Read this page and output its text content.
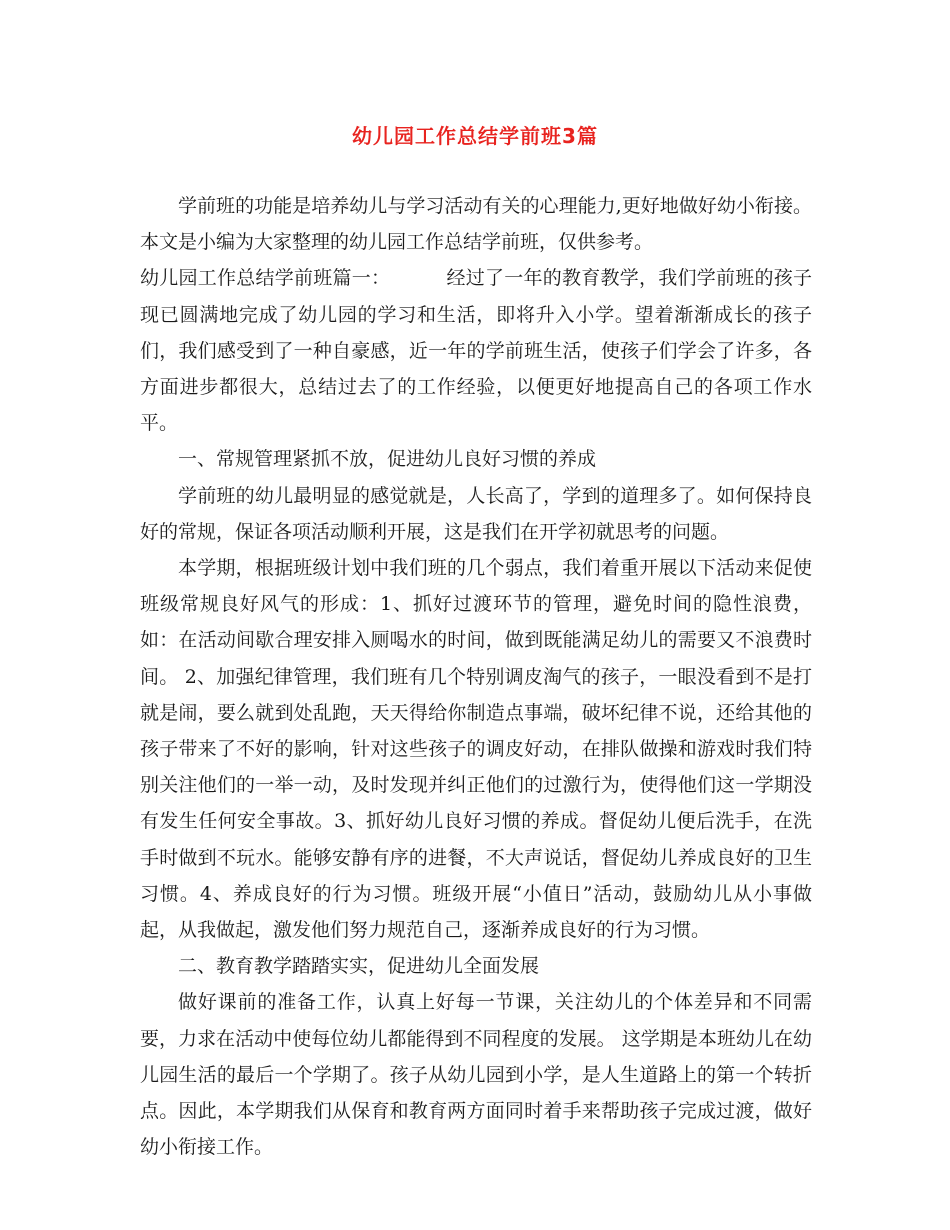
幼儿园工作总结学前班3篇

学前班的功能是培养幼儿与学习活动有关的心理能力,更好地做好幼小衔接。本文是小编为大家整理的幼儿园工作总结学前班，仅供参考。

幼儿园工作总结学前班篇一：	经过了一年的教育教学，我们学前班的孩子现已圆满地完成了幼儿园的学习和生活，即将升入小学。望着渐渐成长的孩子们，我们感受到了一种自豪感，近一年的学前班生活，使孩子们学会了许多，各方面进步都很大，总结过去了的工作经验，以便更好地提高自己的各项工作水平。

一、常规管理紧抓不放，促进幼儿良好习惯的养成

学前班的幼儿最明显的感觉就是，人长高了，学到的道理多了。如何保持良好的常规，保证各项活动顺利开展，这是我们在开学初就思考的问题。

本学期，根据班级计划中我们班的几个弱点，我们着重开展以下活动来促使班级常规良好风气的形成：1、抓好过渡环节的管理，避免时间的隐性浪费，如：在活动间歇合理安排入厕喝水的时间，做到既能满足幼儿的需要又不浪费时间。 2、加强纪律管理，我们班有几个特别调皮淘气的孩子，一眼没看到不是打就是闹，要么就到处乱跑，天天得给你制造点事端，破坏纪律不说，还给其他的孩子带来了不好的影响，针对这些孩子的调皮好动，在排队做操和游戏时我们特别关注他们的一举一动，及时发现并纠正他们的过激行为，使得他们这一学期没有发生任何安全事故。3、抓好幼儿良好习惯的养成。督促幼儿便后洗手，在洗手时做到不玩水。能够安静有序的进餐，不大声说话，督促幼儿养成良好的卫生习惯。4、养成良好的行为习惯。班级开展“小值日”活动，鼓励幼儿从小事做起，从我做起，激发他们努力规范自己，逐渐养成良好的行为习惯。

二、教育教学踏踏实实，促进幼儿全面发展

做好课前的准备工作，认真上好每一节课，关注幼儿的个体差异和不同需要，力求在活动中使每位幼儿都能得到不同程度的发展。 这学期是本班幼儿在幼儿园生活的最后一个学期了。孩子从幼儿园到小学，是人生道路上的第一个转折点。因此，本学期我们从保育和教育两方面同时着手来帮助孩子完成过渡，做好幼小衔接工作。
